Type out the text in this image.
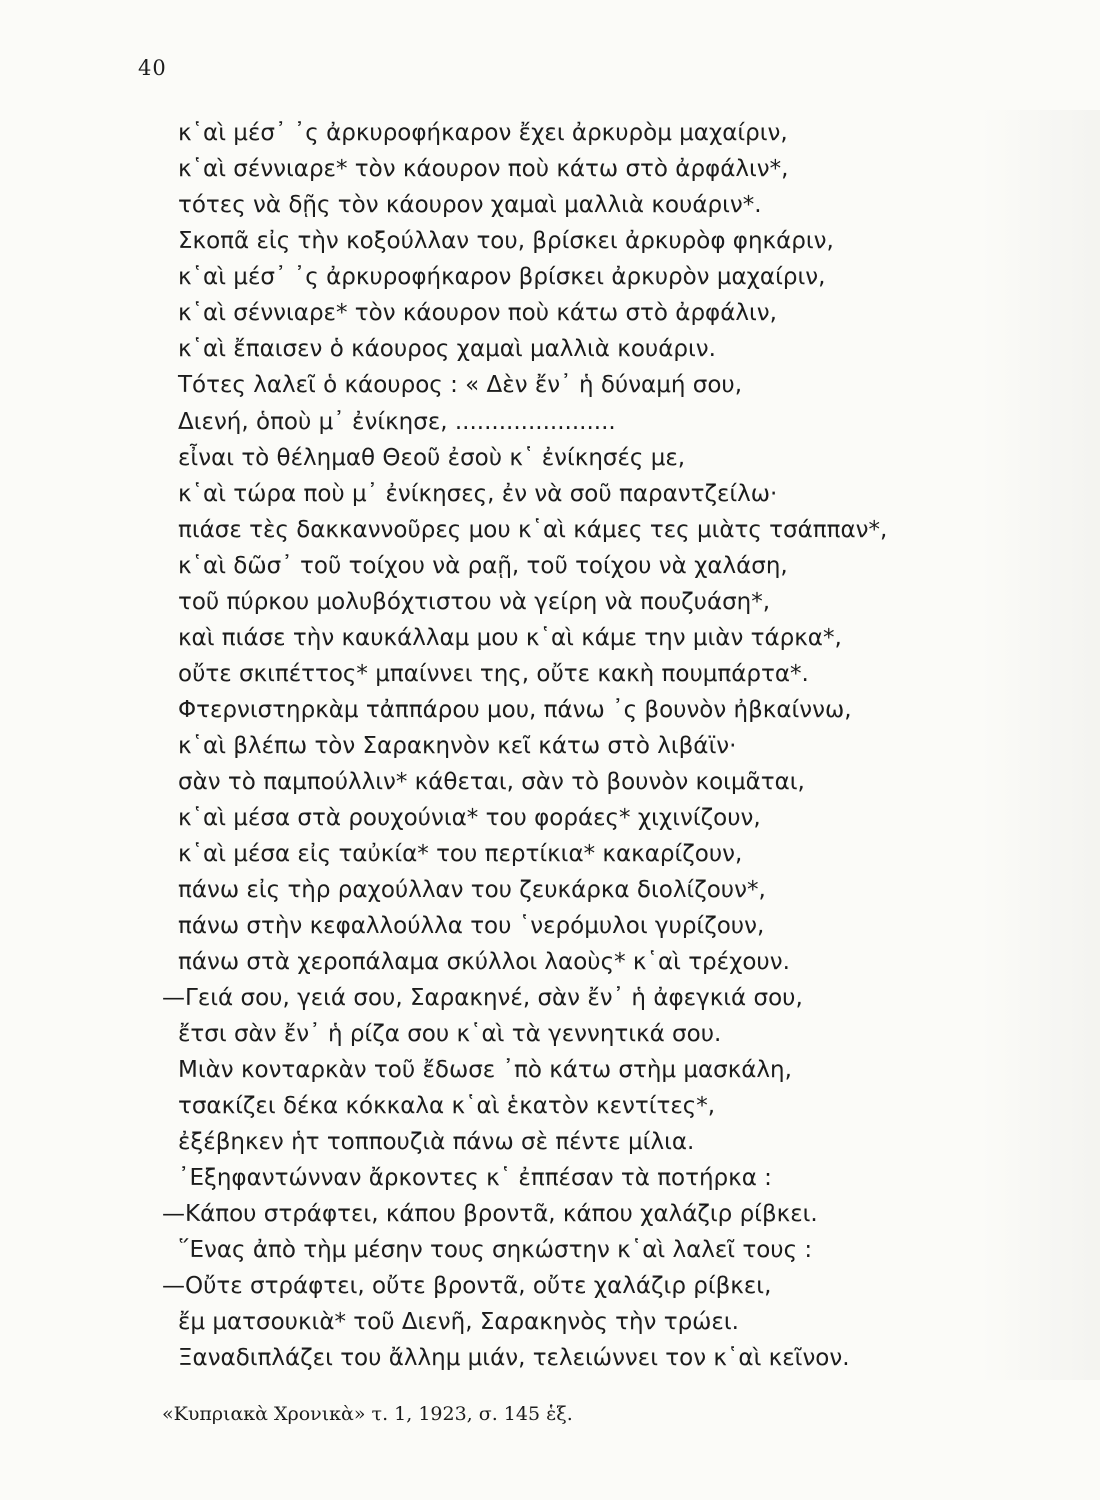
40
κ῾αὶ μέσ᾽ ᾽ς ἀρκυροφήκαρον ἔχει ἀρκυρὸμ μαχαίριν,
κ῾αὶ σέννιαρε* τὸν κάουρον ποὺ κάτω στὸ ἀρφάλιν*,
τότες νὰ δῇς τὸν κάουρον χαμαὶ μαλλιὰ κουάριν*.
Σκοπᾶ εἰς τὴν κοξούλλαν του, βρίσκει ἀρκυρὸφ φηκάριν,
κ῾αὶ μέσ᾽ ᾽ς ἀρκυροφήκαρον βρίσκει ἀρκυρὸν μαχαίριν,
κ῾αὶ σέννιαρε* τὸν κάουρον ποὺ κάτω στὸ ἀρφάλιν,
κ῾αὶ ἔπαισεν ὁ κάουρος χαμαὶ μαλλιὰ κουάριν.
Τότες λαλεῖ ὁ κάουρος : « Δὲν ἔν᾽ ἡ δύναμή σου,
Διενή, ὁποὺ μ᾽ ἐνίκησε, ......................
εἶναι τὸ θέλημαθ Θεοῦ ἐσοὺ κ῾ ἐνίκησές με,
κ῾αὶ τώρα ποὺ μ᾽ ἐνίκησες, ἐν νὰ σοῦ παραντζείλω·
πιάσε τὲς δακκαννοῦρες μου κ῾αὶ κάμες τες μιὰτς τσάππαν*,
κ῾αὶ δῶσ᾽ τοῦ τοίχου νὰ ραῇ, τοῦ τοίχου νὰ χαλάση,
τοῦ πύρκου μολυβόχτιστου νὰ γείρη νὰ πουζυάση*,
καὶ πιάσε τὴν καυκάλλαμ μου κ῾αὶ κάμε την μιὰν τάρκα*,
οὔτε σκιπέττος* μπαίννει της, οὔτε κακὴ πουμπάρτα*.
Φτερνιστηρκὰμ τἀππάρου μου, πάνω ᾽ς βουνὸν ἠβκαίννω,
κ῾αὶ βλέπω τὸν Σαρακηνὸν κεῖ κάτω στὸ λιβάϊν·
σὰν τὸ παμπούλλιν* κάθεται, σὰν τὸ βουνὸν κοιμᾶται,
κ῾αὶ μέσα στὰ ρουχούνια* του φοράες* χιχινίζουν,
κ῾αὶ μέσα εἰς ταὐκία* του περτίκια* κακαρίζουν,
πάνω εἰς τὴρ ραχούλλαν του ζευκάρκα διολίζουν*,
πάνω στὴν κεφαλλούλλα του ῾νερόμυλοι γυρίζουν,
πάνω στὰ χεροπάλαμα σκύλλοι λαοὺς* κ῾αὶ τρέχουν.
—Γειά σου, γειά σου, Σαρακηνέ, σὰν ἔν᾽ ἡ ἀφεγκιά σου,
ἔτσι σὰν ἔν᾽ ἡ ρίζα σου κ῾αὶ τὰ γεννητικά σου.
Μιὰν κονταρκὰν τοῦ ἔδωσε ᾽πὸ κάτω στὴμ μασκάλη,
τσακίζει δέκα κόκκαλα κ῾αὶ ἑκατὸν κεντίτες*,
ἐξέβηκεν ἡτ τοππουζιὰ πάνω σὲ πέντε μίλια.
᾽Εξηφαντώνναν ἄρκοντες κ῾ ἐππέσαν τὰ ποτήρκα :
—Κάπου στράφτει, κάπου βροντᾶ, κάπου χαλάζιρ ρίβκει.
῞Ενας ἀπὸ τὴμ μέσην τους σηκώστην κ῾αὶ λαλεῖ τους :
—Οὔτε στράφτει, οὔτε βροντᾶ, οὔτε χαλάζιρ ρίβκει,
ἔμ ματσουκιὰ* τοῦ Διενῆ, Σαρακηνὸς τὴν τρώει.
Ξαναδιπλάζει του ἄλλημ μιάν, τελειώννει τον κ῾αὶ κεῖνον.
«Κυπριακὰ Χρονικὰ» τ. 1, 1923, σ. 145 ἑξ.
